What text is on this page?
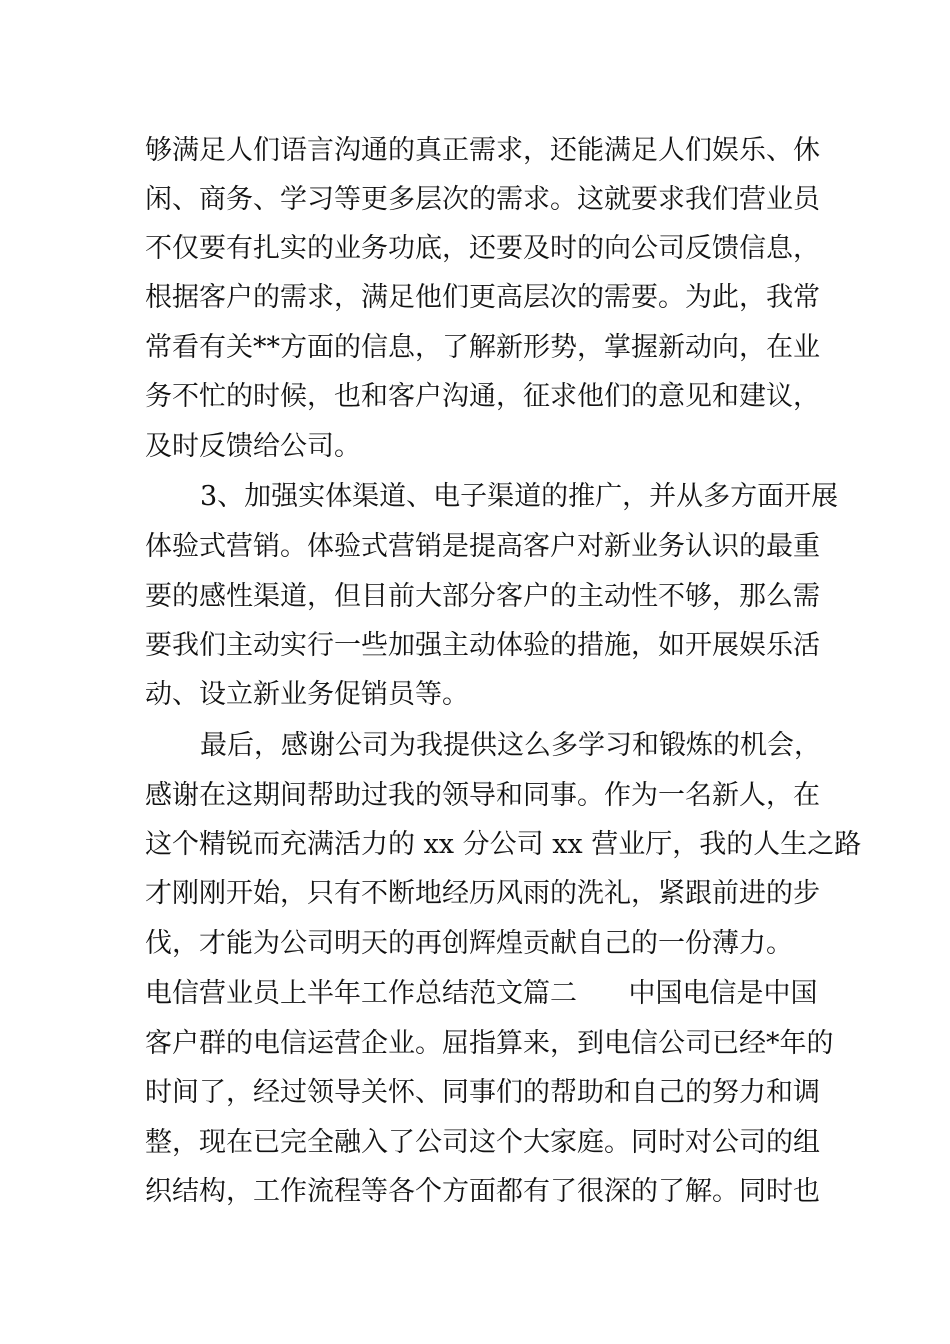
够满足人们语言沟通的真正需求，还能满足人们娱乐、休
闲、商务、学习等更多层次的需求。这就要求我们营业员
不仅要有扎实的业务功底，还要及时的向公司反馈信息，
根据客户的需求，满足他们更高层次的需要。为此，我常
常看有关**方面的信息，了解新形势，掌握新动向，在业
务不忙的时候，也和客户沟通，征求他们的意见和建议，
及时反馈给公司。
3、加强实体渠道、电子渠道的推广，并从多方面开展
体验式营销。体验式营销是提高客户对新业务认识的最重
要的感性渠道，但目前大部分客户的主动性不够，那么需
要我们主动实行一些加强主动体验的措施，如开展娱乐活
动、设立新业务促销员等。
最后，感谢公司为我提供这么多学习和锻炼的机会，
感谢在这期间帮助过我的领导和同事。作为一名新人，在
这个精锐而充满活力的 xx 分公司 xx 营业厅，我的人生之路
才刚刚开始，只有不断地经历风雨的洗礼，紧跟前进的步
伐，才能为公司明天的再创辉煌贡献自己的一份薄力。
电信营业员上半年工作总结范文篇二      中国电信是中国
客户群的电信运营企业。屈指算来，到电信公司已经*年的
时间了，经过领导关怀、同事们的帮助和自己的努力和调
整，现在已完全融入了公司这个大家庭。同时对公司的组
织结构，工作流程等各个方面都有了很深的了解。同时也
